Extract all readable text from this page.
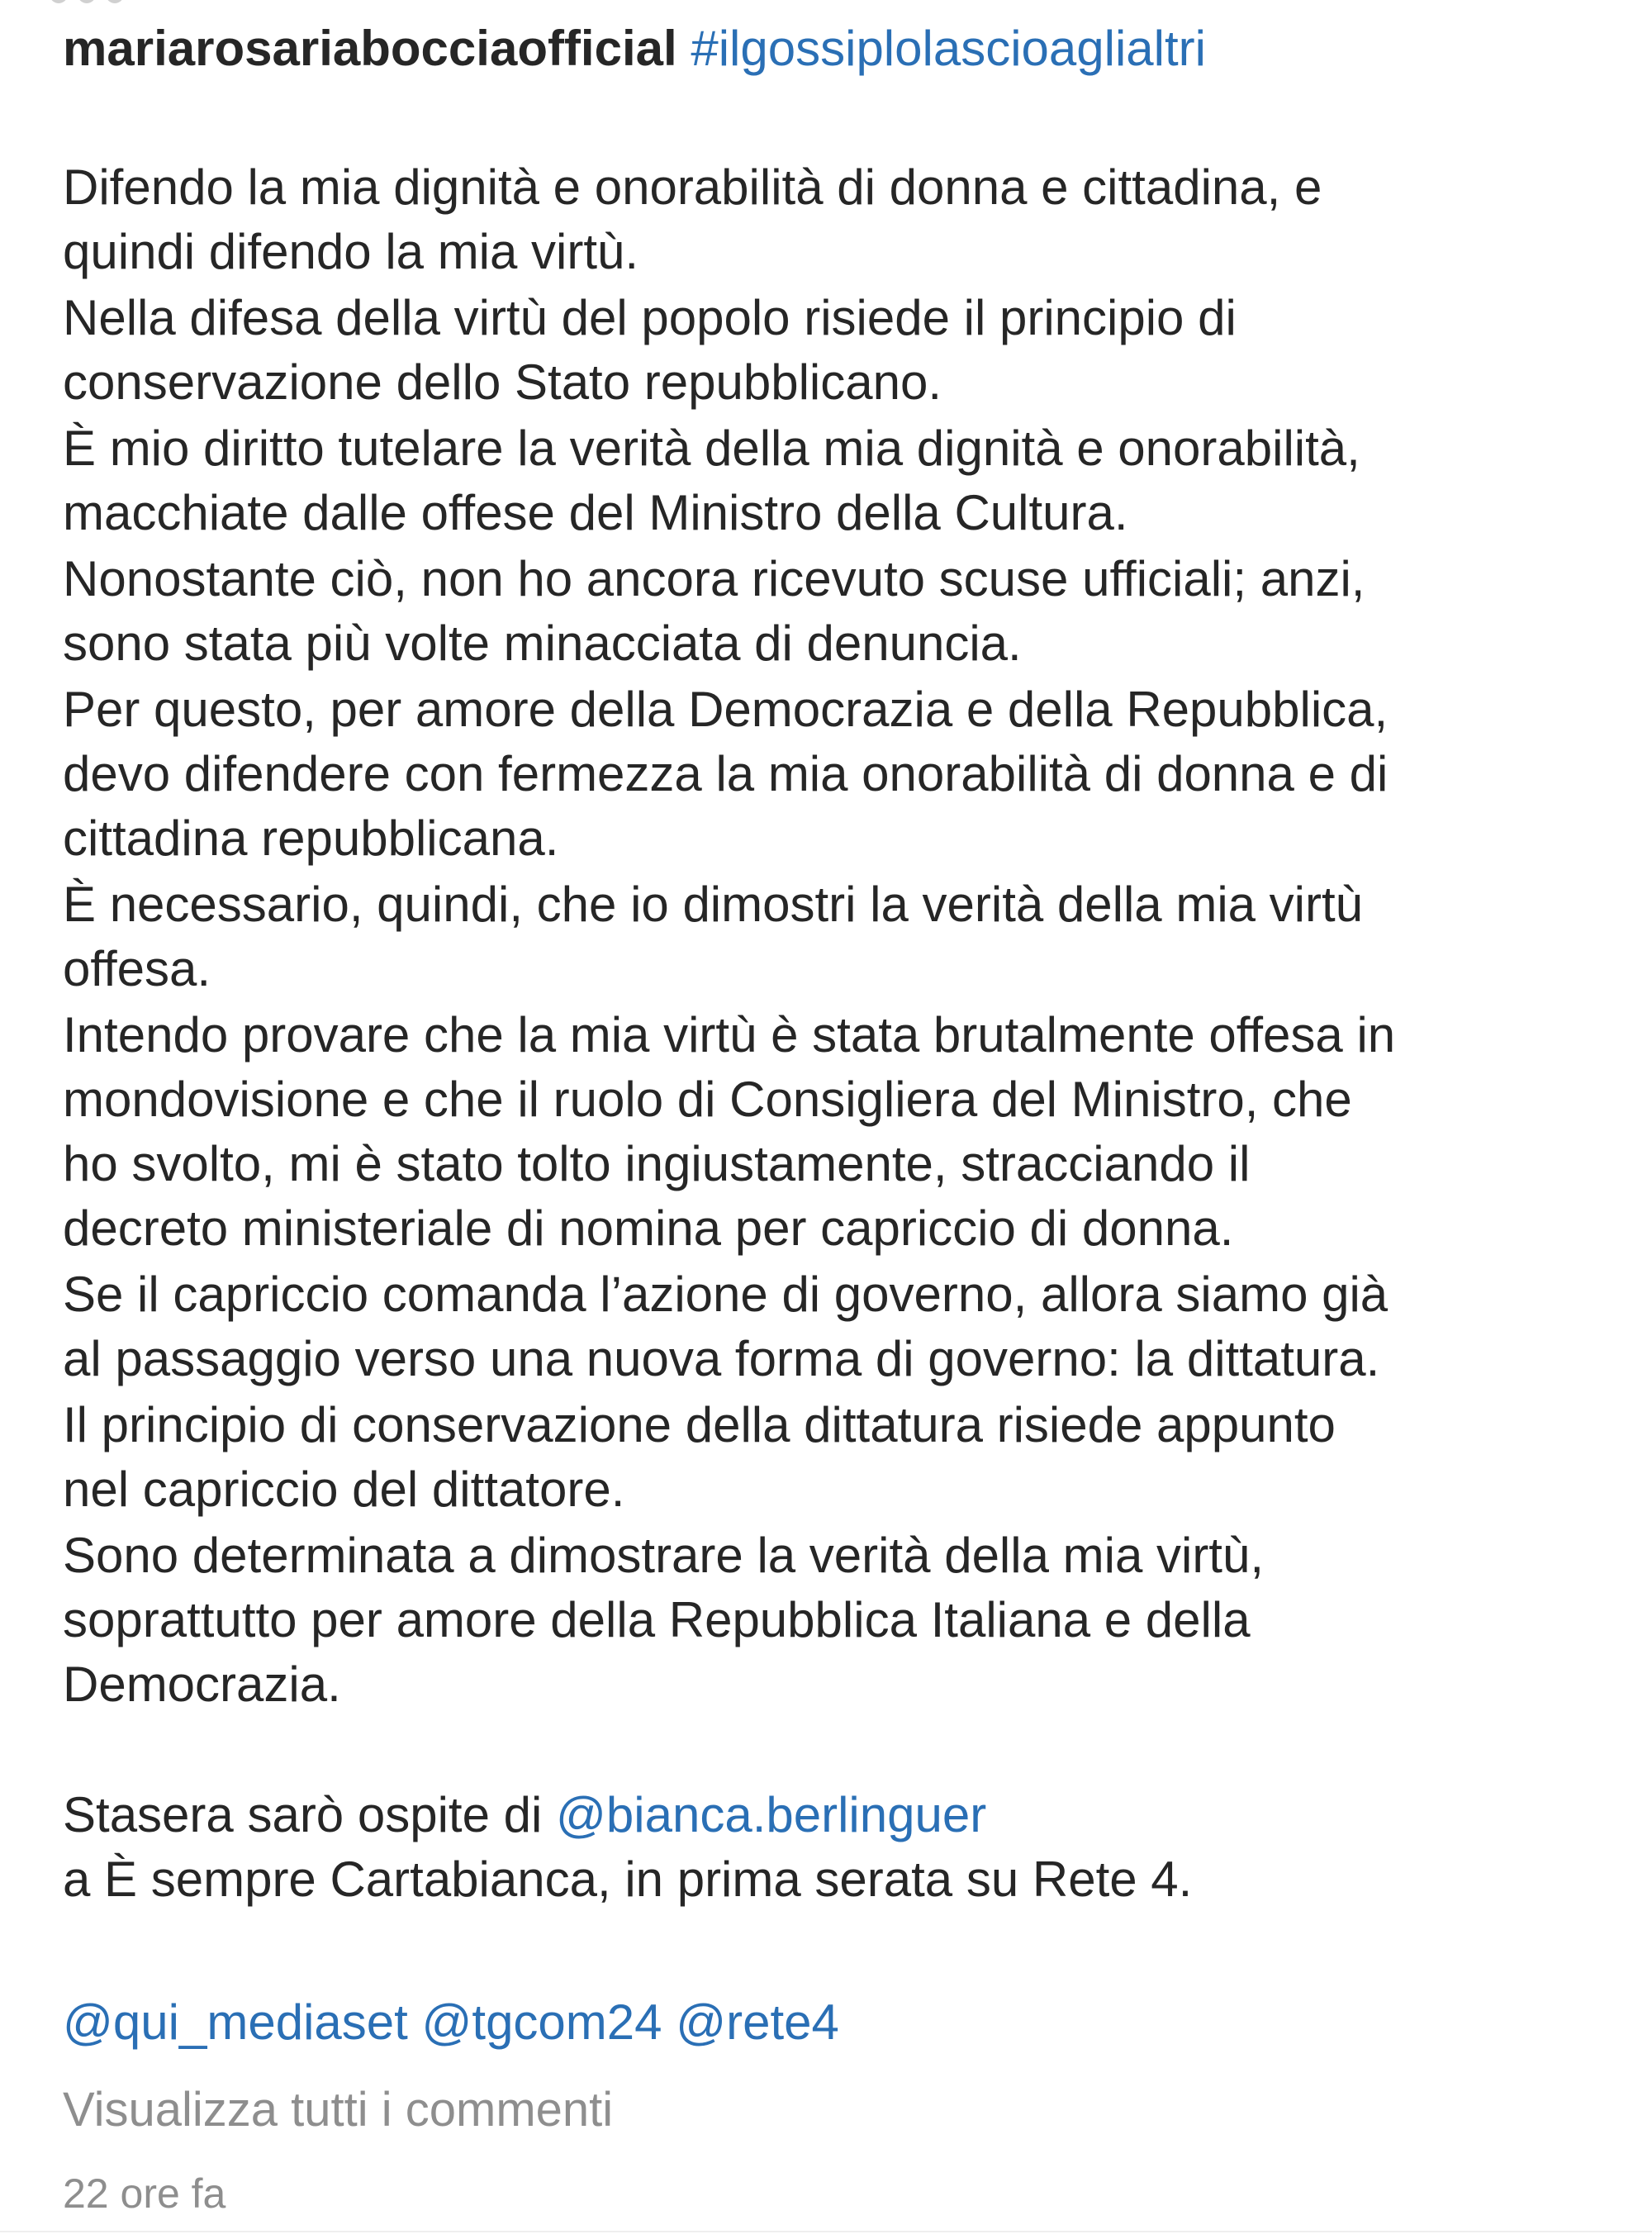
mariarosariabocciaofficial #ilgossiplolascioaglialtri
Difendo la mia dignità e onorabilità di donna e cittadina, e
quindi difendo la mia virtù.
Nella difesa della virtù del popolo risiede il principio di
conservazione dello Stato repubblicano.
È mio diritto tutelare la verità della mia dignità e onorabilità,
macchiate dalle offese del Ministro della Cultura.
Nonostante ciò, non ho ancora ricevuto scuse ufficiali; anzi,
sono stata più volte minacciata di denuncia.
Per questo, per amore della Democrazia e della Repubblica,
devo difendere con fermezza la mia onorabilità di donna e di
cittadina repubblicana.
È necessario, quindi, che io dimostri la verità della mia virtù
offesa.
Intendo provare che la mia virtù è stata brutalmente offesa in
mondovisione e che il ruolo di Consigliera del Ministro, che
ho svolto, mi è stato tolto ingiustamente, stracciando il
decreto ministeriale di nomina per capriccio di donna.
Se il capriccio comanda l’azione di governo, allora siamo già
al passaggio verso una nuova forma di governo: la dittatura.
Il principio di conservazione della dittatura risiede appunto
nel capriccio del dittatore.
Sono determinata a dimostrare la verità della mia virtù,
soprattutto per amore della Repubblica Italiana e della
Democrazia.
Stasera sarò ospite di @bianca.berlinguer
a È sempre Cartabianca, in prima serata su Rete 4.
@qui_mediaset @tgcom24 @rete4
Visualizza tutti i commenti
22 ore fa
